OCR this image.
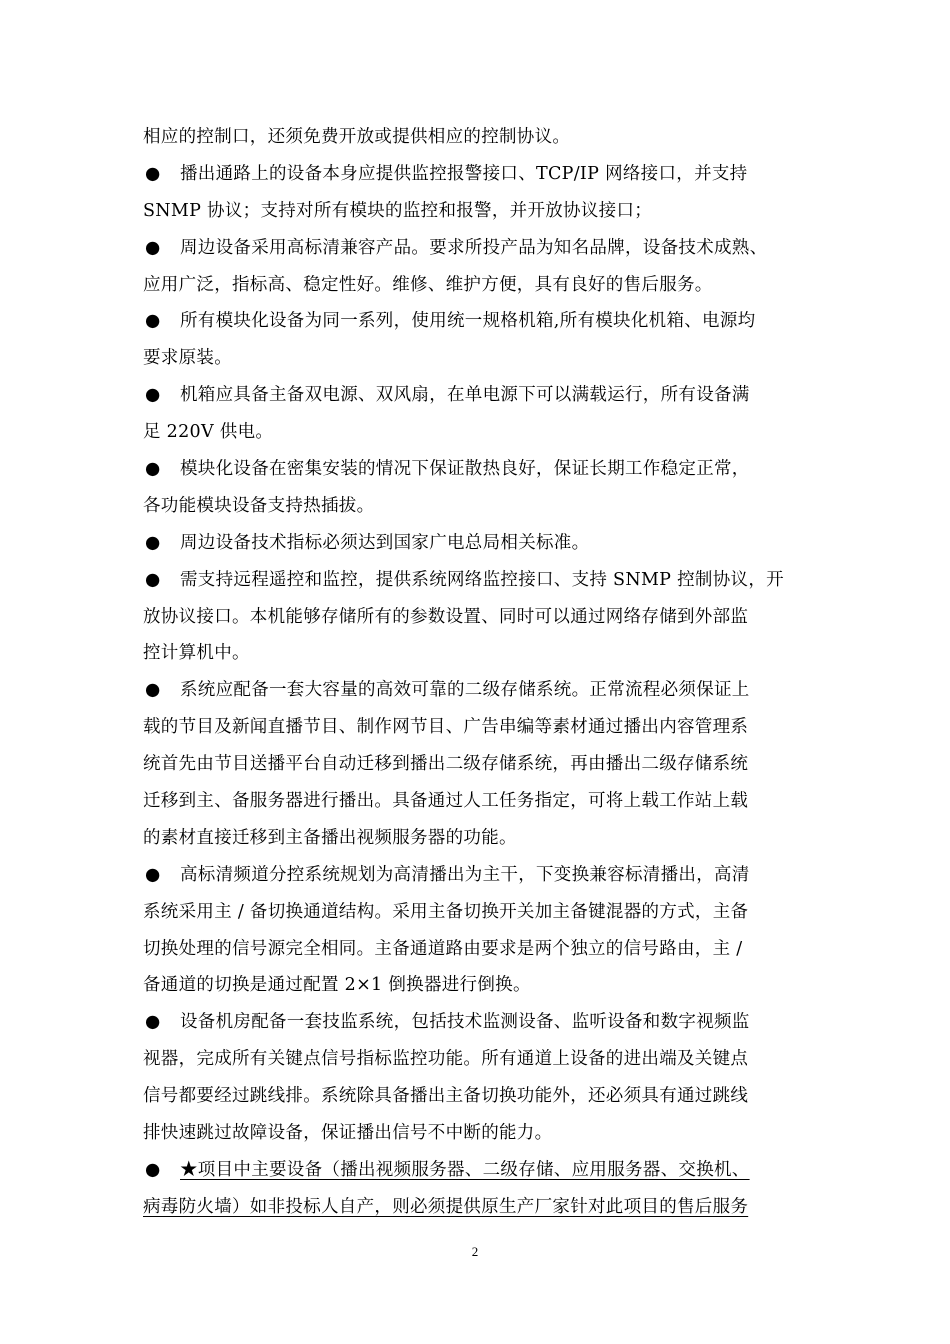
相应的控制口，还须免费开放或提供相应的控制协议。
● 播出通路上的设备本身应提供监控报警接口、TCP/IP 网络接口，并支持
SNMP 协议；支持对所有模块的监控和报警，并开放协议接口；
● 周边设备采用高标清兼容产品。要求所投产品为知名品牌，设备技术成熟、
应用广泛，指标高、稳定性好。维修、维护方便，具有良好的售后服务。
● 所有模块化设备为同一系列，使用统一规格机箱,所有模块化机箱、电源均
要求原装。
● 机箱应具备主备双电源、双风扇，在单电源下可以满载运行，所有设备满
足 220V 供电。
● 模块化设备在密集安装的情况下保证散热良好，保证长期工作稳定正常，
各功能模块设备支持热插拔。
● 周边设备技术指标必须达到国家广电总局相关标准。
● 需支持远程遥控和监控，提供系统网络监控接口、支持 SNMP 控制协议，开
放协议接口。本机能够存储所有的参数设置、同时可以通过网络存储到外部监
控计算机中。
● 系统应配备一套大容量的高效可靠的二级存储系统。正常流程必须保证上
载的节目及新闻直播节目、制作网节目、广告串编等素材通过播出内容管理系
统首先由节目送播平台自动迁移到播出二级存储系统，再由播出二级存储系统
迁移到主、备服务器进行播出。具备通过人工任务指定，可将上载工作站上载
的素材直接迁移到主备播出视频服务器的功能。
● 高标清频道分控系统规划为高清播出为主干，下变换兼容标清播出，高清
系统采用主 / 备切换通道结构。采用主备切换开关加主备键混器的方式，主备
切换处理的信号源完全相同。主备通道路由要求是两个独立的信号路由，主 /
备通道的切换是通过配置 2×1 倒换器进行倒换。
● 设备机房配备一套技监系统，包括技术监测设备、监听设备和数字视频监
视器，完成所有关键点信号指标监控功能。所有通道上设备的进出端及关键点
信号都要经过跳线排。系统除具备播出主备切换功能外，还必须具有通过跳线
排快速跳过故障设备，保证播出信号不中断的能力。
● ★项目中主要设备（播出视频服务器、二级存储、应用服务器、交换机、
病毒防火墙）如非投标人自产，则必须提供原生产厂家针对此项目的售后服务
2
